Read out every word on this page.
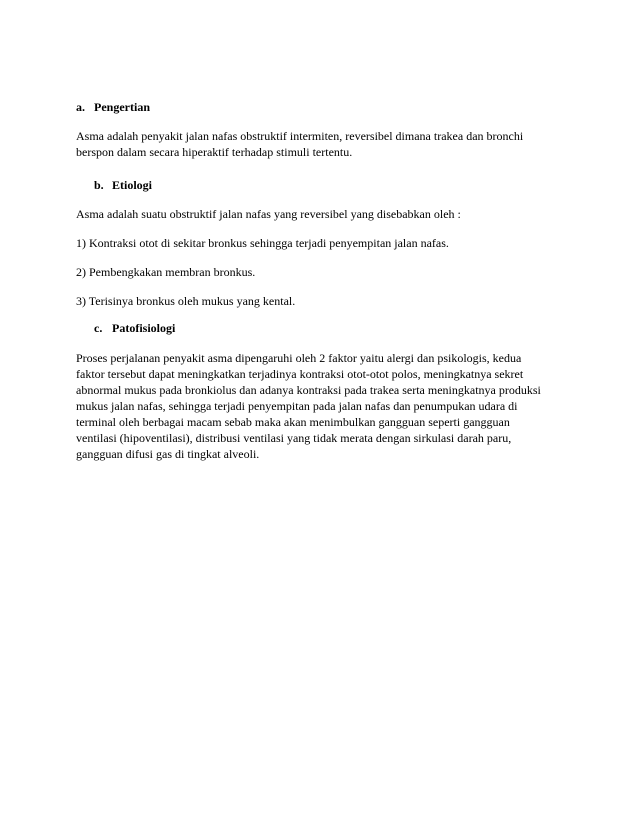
a. Pengertian
Asma adalah penyakit jalan nafas obstruktif intermiten, reversibel dimana trakea dan bronchi
berspon dalam secara hiperaktif terhadap stimuli tertentu.
b. Etiologi
Asma adalah suatu obstruktif jalan nafas yang reversibel yang disebabkan oleh :
1) Kontraksi otot di sekitar bronkus sehingga terjadi penyempitan jalan nafas.
2) Pembengkakan membran bronkus.
3) Terisinya bronkus oleh mukus yang kental.
c. Patofisiologi
Proses perjalanan penyakit asma dipengaruhi oleh 2 faktor yaitu alergi dan psikologis, kedua
faktor tersebut dapat meningkatkan terjadinya kontraksi otot-otot polos, meningkatnya sekret
abnormal mukus pada bronkiolus dan adanya kontraksi pada trakea serta meningkatnya produksi
mukus jalan nafas, sehingga terjadi penyempitan pada jalan nafas dan penumpukan udara di
terminal oleh berbagai macam sebab maka akan menimbulkan gangguan seperti gangguan
ventilasi (hipoventilasi), distribusi ventilasi yang tidak merata dengan sirkulasi darah paru,
gangguan difusi gas di tingkat alveoli.
